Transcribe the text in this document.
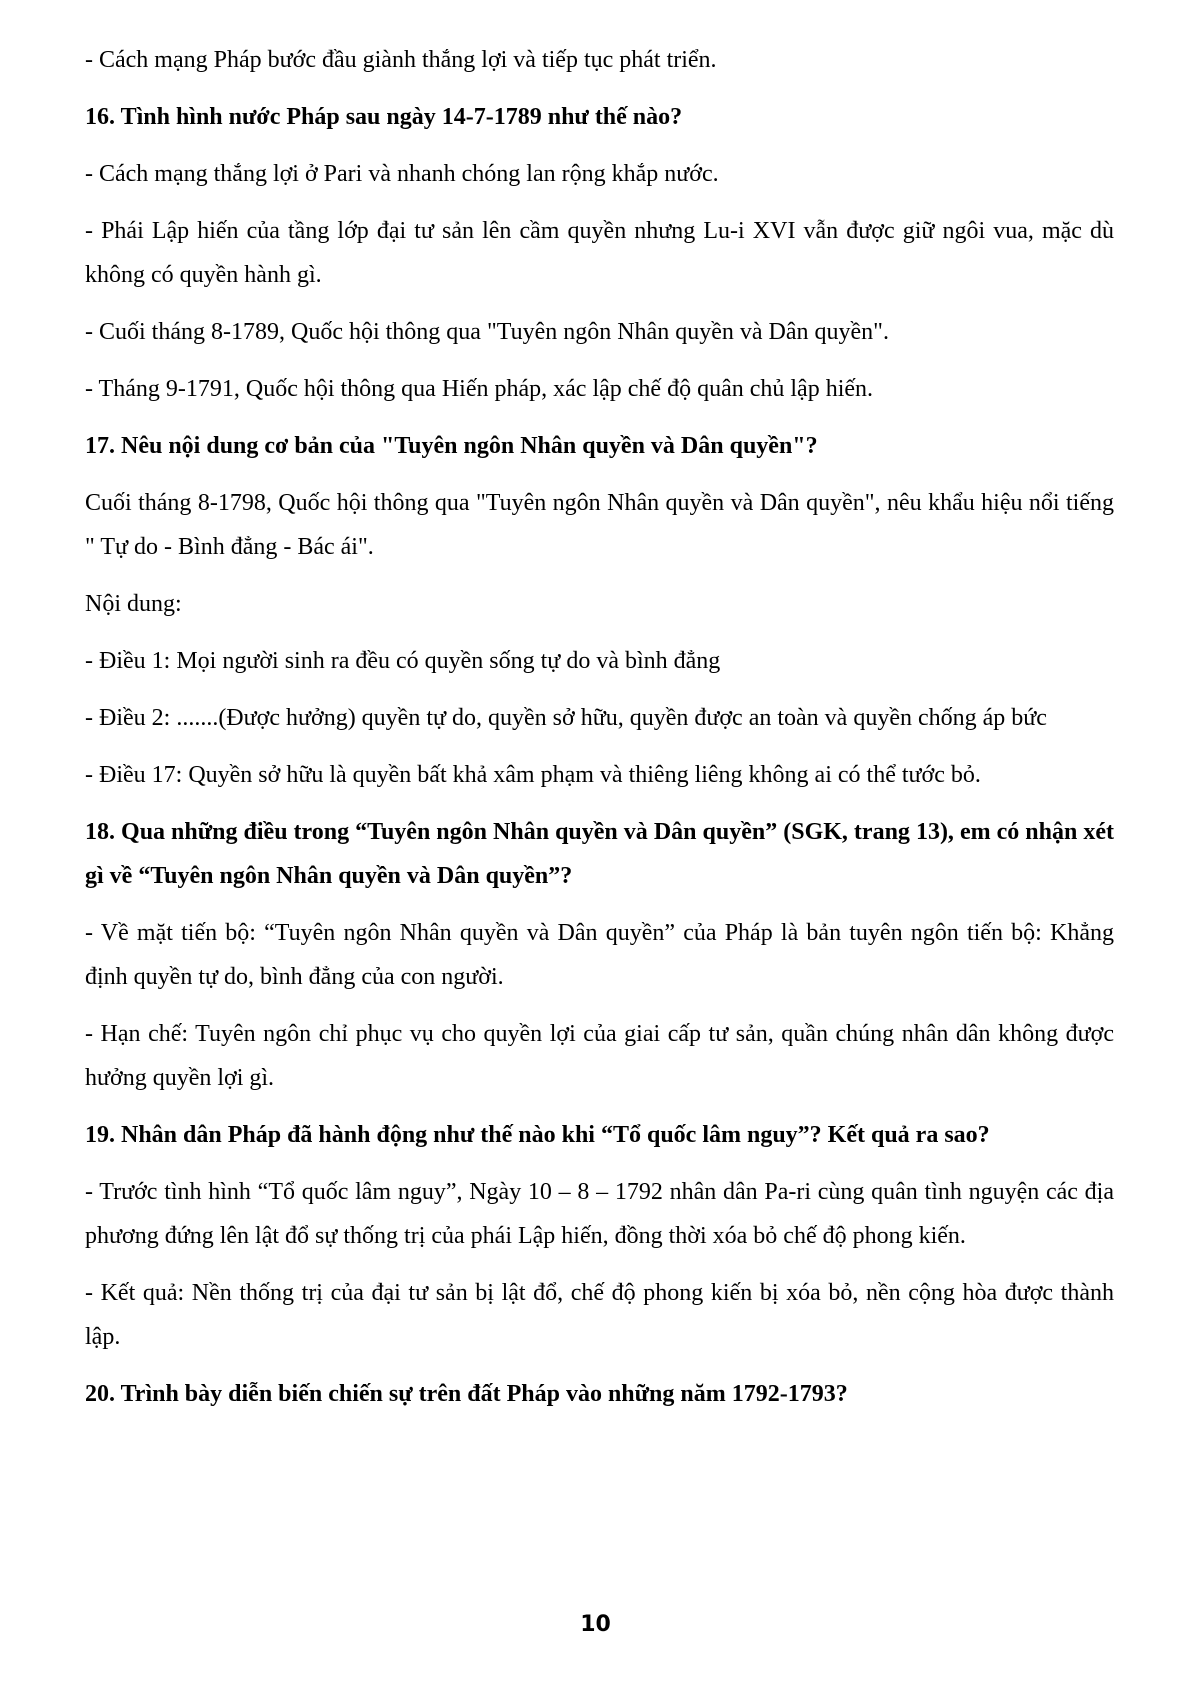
- Cách mạng Pháp bước đầu giành thắng lợi và tiếp tục phát triển.

16. Tình hình nước Pháp sau ngày 14-7-1789 như thế nào?

- Cách mạng thắng lợi ở Pari và nhanh chóng lan rộng khắp nước.

- Phái Lập hiến của tầng lớp đại tư sản lên cầm quyền nhưng Lu-i XVI vẫn được giữ ngôi vua, mặc dù không có quyền hành gì.

- Cuối tháng 8-1789, Quốc hội thông qua "Tuyên ngôn Nhân quyền và Dân quyền".

- Tháng 9-1791, Quốc hội thông qua Hiến pháp, xác lập chế độ quân chủ lập hiến.

17. Nêu nội dung cơ bản của "Tuyên ngôn Nhân quyền và Dân quyền"?

Cuối tháng 8-1798, Quốc hội thông qua "Tuyên ngôn Nhân quyền và Dân quyền", nêu khẩu hiệu nổi tiếng " Tự do - Bình đẳng - Bác ái".

Nội dung:

- Điều 1: Mọi người sinh ra đều có quyền sống tự do và bình đẳng

- Điều 2: .......(Được hưởng) quyền tự do, quyền sở hữu, quyền được an toàn và quyền chống áp bức

- Điều 17: Quyền sở hữu là quyền bất khả xâm phạm và thiêng liêng không ai có thể tước bỏ.

18. Qua những điều trong “Tuyên ngôn Nhân quyền và Dân quyền” (SGK, trang 13), em có nhận xét gì về “Tuyên ngôn Nhân quyền và Dân quyền”?

- Về mặt tiến bộ: “Tuyên ngôn Nhân quyền và Dân quyền” của Pháp là bản tuyên ngôn tiến bộ: Khẳng định quyền tự do, bình đẳng của con người.

- Hạn chế: Tuyên ngôn chỉ phục vụ cho quyền lợi của giai cấp tư sản, quần chúng nhân dân không được hưởng quyền lợi gì.

19. Nhân dân Pháp đã hành động như thế nào khi “Tổ quốc lâm nguy”? Kết quả ra sao?

- Trước tình hình “Tổ quốc lâm nguy”, Ngày 10 – 8 – 1792 nhân dân Pa-ri cùng quân tình nguyện các địa phương đứng lên lật đổ sự thống trị của phái Lập hiến, đồng thời xóa bỏ chế độ phong kiến.

- Kết quả: Nền thống trị của đại tư sản bị lật đổ, chế độ phong kiến bị xóa bỏ, nền cộng hòa được thành lập.

20. Trình bày diễn biến chiến sự trên đất Pháp vào những năm 1792-1793?

10
